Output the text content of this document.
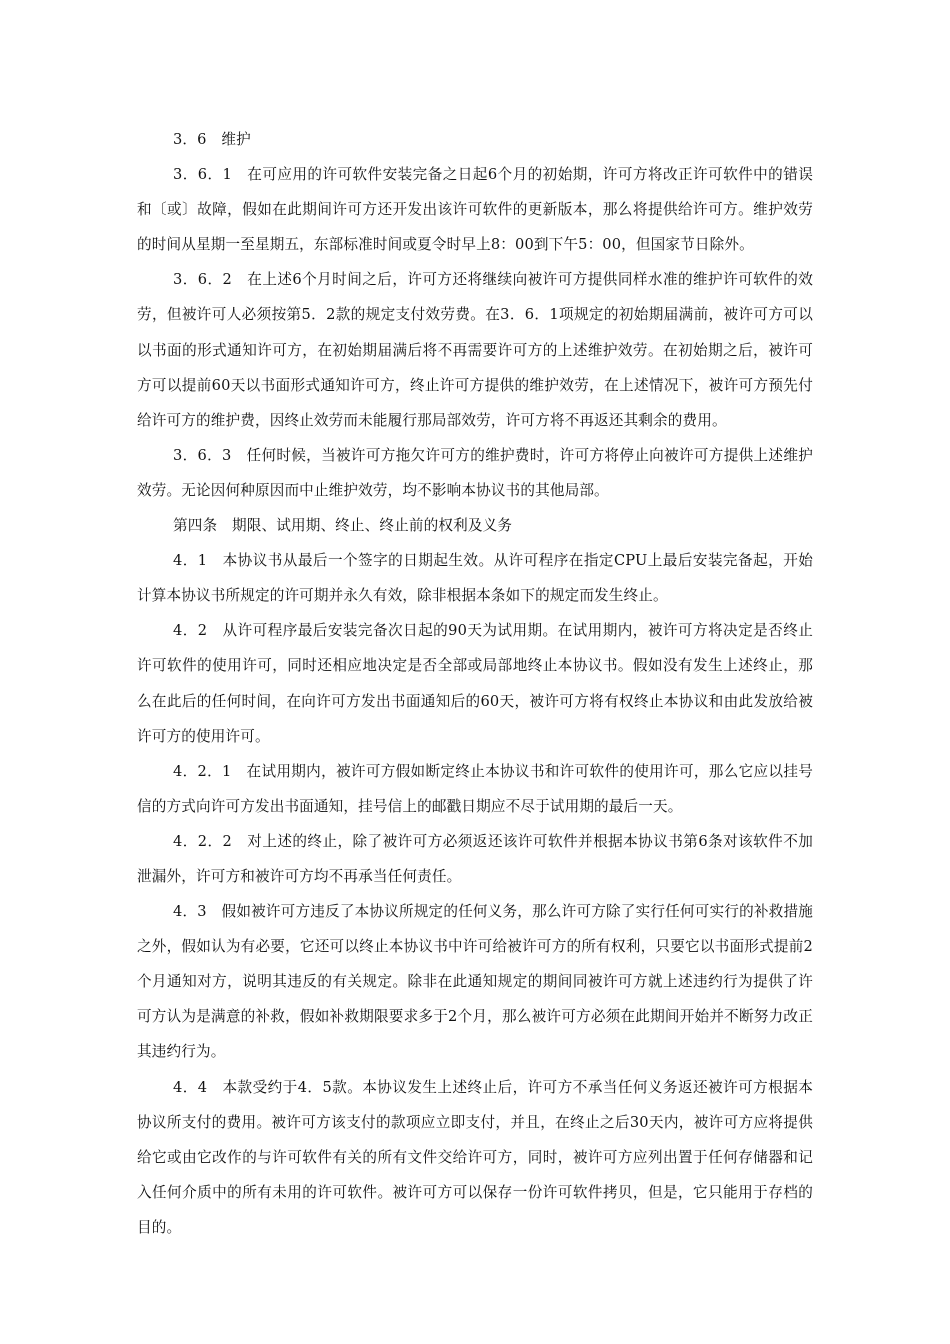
3．6　维护

3．6．1　在可应用的许可软件安装完备之日起6个月的初始期，许可方将改正许可软件中的错误和〔或〕故障，假如在此期间许可方还开发出该许可软件的更新版本，那么将提供给许可方。维护效劳的时间从星期一至星期五，东部标准时间或夏令时早上8：00到下午5：00，但国家节日除外。

3．6．2　在上述6个月时间之后，许可方还将继续向被许可方提供同样水准的维护许可软件的效劳，但被许可人必须按第5．2款的规定支付效劳费。在3．6．1项规定的初始期届满前，被许可方可以以书面的形式通知许可方，在初始期届满后将不再需要许可方的上述维护效劳。在初始期之后，被许可方可以提前60天以书面形式通知许可方，终止许可方提供的维护效劳，在上述情况下，被许可方预先付给许可方的维护费，因终止效劳而未能履行那局部效劳，许可方将不再返还其剩余的费用。

3．6．3　任何时候，当被许可方拖欠许可方的维护费时，许可方将停止向被许可方提供上述维护效劳。无论因何种原因而中止维护效劳，均不影响本协议书的其他局部。

第四条　期限、试用期、终止、终止前的权利及义务

4．1　本协议书从最后一个签字的日期起生效。从许可程序在指定CPU上最后安装完备起，开始计算本协议书所规定的许可期并永久有效，除非根据本条如下的规定而发生终止。

4．2　从许可程序最后安装完备次日起的90天为试用期。在试用期内，被许可方将决定是否终止许可软件的使用许可，同时还相应地决定是否全部或局部地终止本协议书。假如没有发生上述终止，那么在此后的任何时间，在向许可方发出书面通知后的60天，被许可方将有权终止本协议和由此发放给被许可方的使用许可。

4．2．1　在试用期内，被许可方假如断定终止本协议书和许可软件的使用许可，那么它应以挂号信的方式向许可方发出书面通知，挂号信上的邮戳日期应不尽于试用期的最后一天。

4．2．2　对上述的终止，除了被许可方必须返还该许可软件并根据本协议书第6条对该软件不加泄漏外，许可方和被许可方均不再承当任何责任。

4．3　假如被许可方违反了本协议所规定的任何义务，那么许可方除了实行任何可实行的补救措施之外，假如认为有必要，它还可以终止本协议书中许可给被许可方的所有权利，只要它以书面形式提前2个月通知对方，说明其违反的有关规定。除非在此通知规定的期间同被许可方就上述违约行为提供了许可方认为是满意的补救，假如补救期限要求多于2个月，那么被许可方必须在此期间开始并不断努力改正其违约行为。

4．4　本款受约于4．5款。本协议发生上述终止后，许可方不承当任何义务返还被许可方根据本协议所支付的费用。被许可方该支付的款项应立即支付，并且，在终止之后30天内，被许可方应将提供给它或由它改作的与许可软件有关的所有文件交给许可方，同时，被许可方应列出置于任何存储器和记入任何介质中的所有未用的许可软件。被许可方可以保存一份许可软件拷贝，但是，它只能用于存档的目的。
